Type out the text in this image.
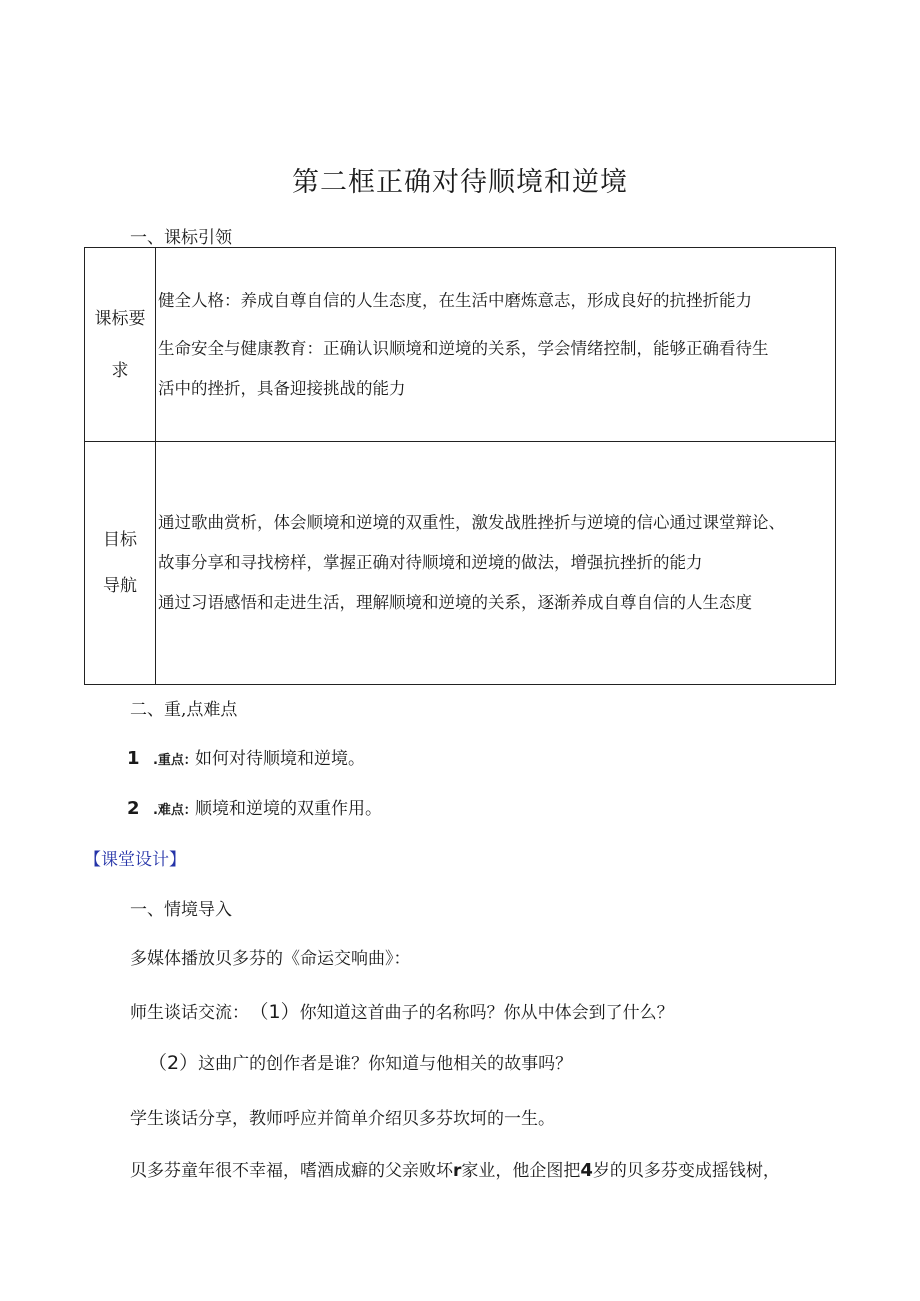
第二框正确对待顺境和逆境
一、课标引领
课标要
求	健全人格：养成自尊自信的人生态度，在生活中磨炼意志，形成良好的抗挫折能力
生命安全与健康教育：正确认识顺境和逆境的关系，学会情绪控制，能够正确看待生
活中的挫折，具备迎接挑战的能力

目标
导航	通过歌曲赏析，体会顺境和逆境的双重性，激发战胜挫折与逆境的信心通过课堂辩论、
故事分享和寻找榜样，掌握正确对待顺境和逆境的做法，增强抗挫折的能力
通过习语感悟和走进生活，理解顺境和逆境的关系，逐渐养成自尊自信的人生态度
二、重,点难点
1 .重点: 如何对待顺境和逆境。
2 .难点: 顺境和逆境的双重作用。
【课堂设计】
一、情境导入
多媒体播放贝多芬的《命运交响曲》：
师生谈话交流： （1）你知道这首曲子的名称吗？你从中体会到了什么？
（2）这曲广的创作者是谁？你知道与他相关的故事吗？
学生谈话分享，教师呼应并简单介绍贝多芬坎坷的一生。
贝多芬童年很不幸福，嗜酒成癖的父亲败坏r家业，他企图把4岁的贝多芬变成摇钱树，
